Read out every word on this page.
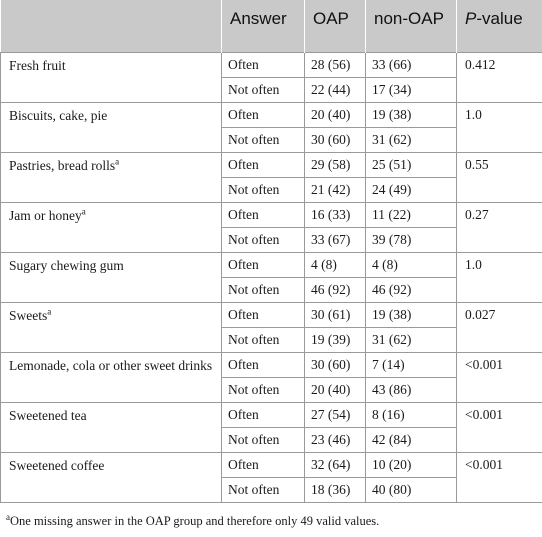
	Answer	OAP	non-OAP	P-value
Fresh fruit	Often	28 (56)	33 (66)	0.412
	Not often	22 (44)	17 (34)	
Biscuits, cake, pie	Often	20 (40)	19 (38)	1.0
	Not often	30 (60)	31 (62)	
Pastries, bread rolls$^a$	Often	29 (58)	25 (51)	0.55
	Not often	21 (42)	24 (49)	
Jam or honey$^a$	Often	16 (33)	11 (22)	0.27
	Not often	33 (67)	39 (78)	
Sugary chewing gum	Often	4 (8)	4 (8)	1.0
	Not often	46 (92)	46 (92)	
Sweets$^a$	Often	30 (61)	19 (38)	0.027
	Not often	19 (39)	31 (62)	
Lemonade, cola or other sweet drinks	Often	30 (60)	7 (14)	<0.001
	Not often	20 (40)	43 (86)	
Sweetened tea	Often	27 (54)	8 (16)	<0.001
	Not often	23 (46)	42 (84)	
Sweetened coffee	Often	32 (64)	10 (20)	<0.001
	Not often	18 (36)	40 (80)	
$^a$One missing answer in the OAP group and therefore only 49 valid values.
